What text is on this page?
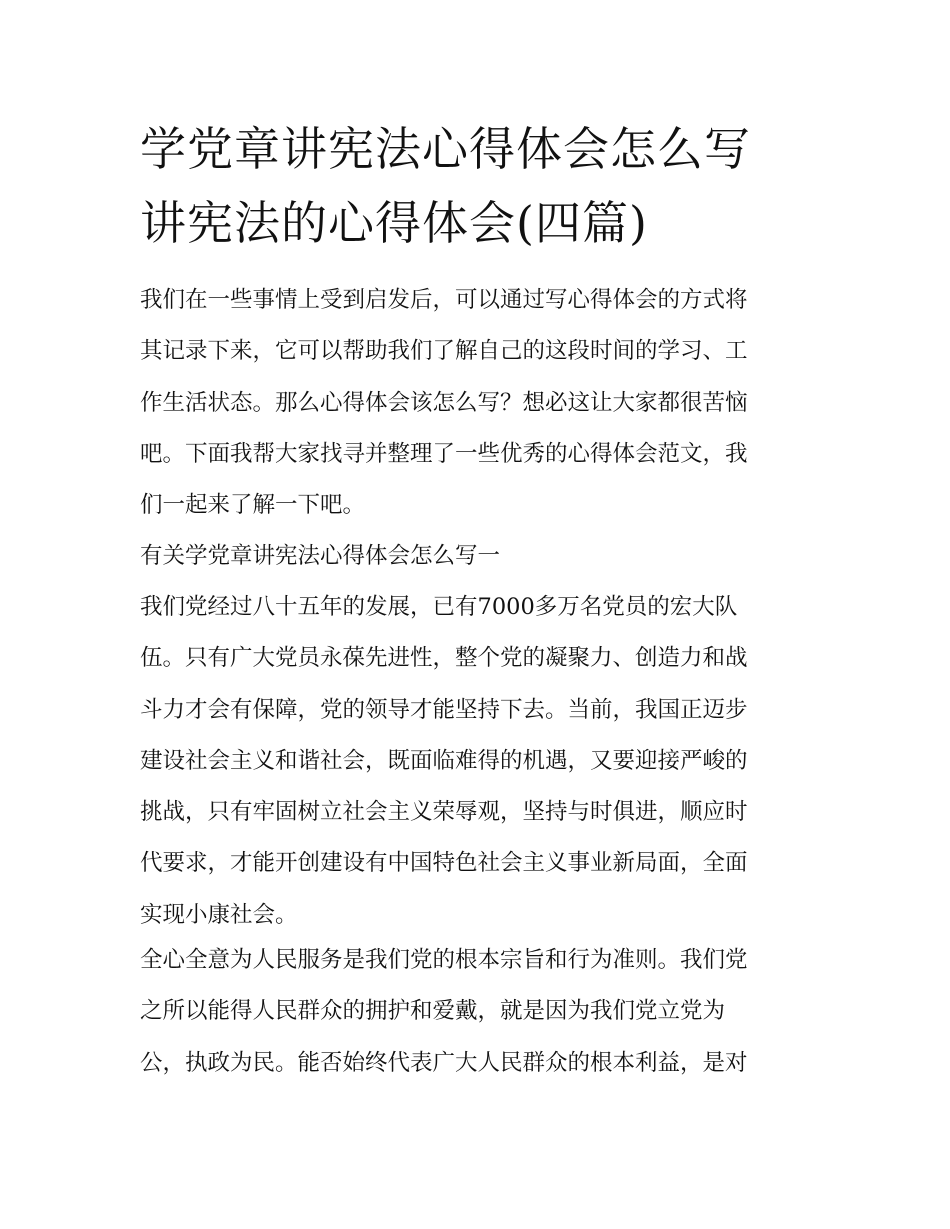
学党章讲宪法心得体会怎么写
讲宪法的心得体会(四篇)

我们在一些事情上受到启发后，可以通过写心得体会的方式将
其记录下来，它可以帮助我们了解自己的这段时间的学习、工
作生活状态。那么心得体会该怎么写？想必这让大家都很苦恼
吧。下面我帮大家找寻并整理了一些优秀的心得体会范文，我
们一起来了解一下吧。

有关学党章讲宪法心得体会怎么写一

我们党经过八十五年的发展，已有7000多万名党员的宏大队
伍。只有广大党员永葆先进性，整个党的凝聚力、创造力和战
斗力才会有保障，党的领导才能坚持下去。当前，我国正迈步
建设社会主义和谐社会，既面临难得的机遇，又要迎接严峻的
挑战，只有牢固树立社会主义荣辱观，坚持与时俱进，顺应时
代要求，才能开创建设有中国特色社会主义事业新局面，全面
实现小康社会。

全心全意为人民服务是我们党的根本宗旨和行为准则。我们党
之所以能得人民群众的拥护和爱戴，就是因为我们党立党为
公，执政为民。能否始终代表广大人民群众的根本利益，是对
